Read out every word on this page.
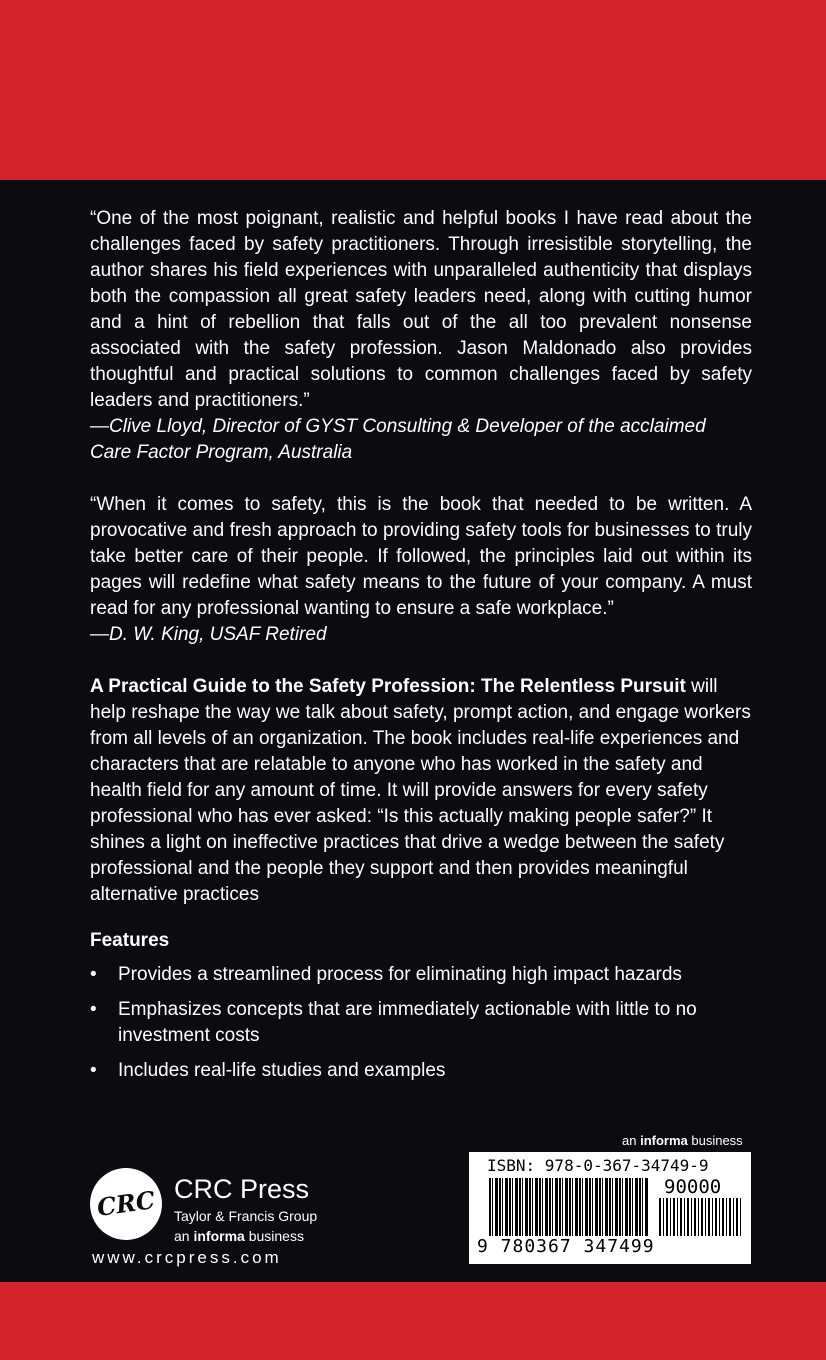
“One of the most poignant, realistic and helpful books I have read about the challenges faced by safety practitioners. Through irresistible storytelling, the author shares his field experiences with unparalleled authenticity that displays both the compassion all great safety leaders need, along with cutting humor and a hint of rebellion that falls out of the all too prevalent nonsense associated with the safety profession. Jason Maldonado also provides thoughtful and practical solutions to common challenges faced by safety leaders and practitioners.”

—Clive Lloyd, Director of GYST Consulting & Developer of the acclaimed Care Factor Program, Australia

“When it comes to safety, this is the book that needed to be written. A provocative and fresh approach to providing safety tools for businesses to truly take better care of their people. If followed, the principles laid out within its pages will redefine what safety means to the future of your company. A must read for any professional wanting to ensure a safe workplace.”

—D. W. King, USAF Retired

A Practical Guide to the Safety Profession: The Relentless Pursuit will help reshape the way we talk about safety, prompt action, and engage workers from all levels of an organization. The book includes real-life experiences and characters that are relatable to anyone who has worked in the safety and health field for any amount of time. It will provide answers for every safety professional who has ever asked: “Is this actually making people safer?” It shines a light on ineffective practices that drive a wedge between the safety professional and the people they support and then provides meaningful alternative practices

Features
• Provides a streamlined process for eliminating high impact hazards
• Emphasizes concepts that are immediately actionable with little to no investment costs
• Includes real-life studies and examples
CRC CRC Press
Taylor & Francis Group
an informa business
www.crcpress.com
an informa business
ISBN: 978-0-367-34749-9
90000
9 780367 347499
